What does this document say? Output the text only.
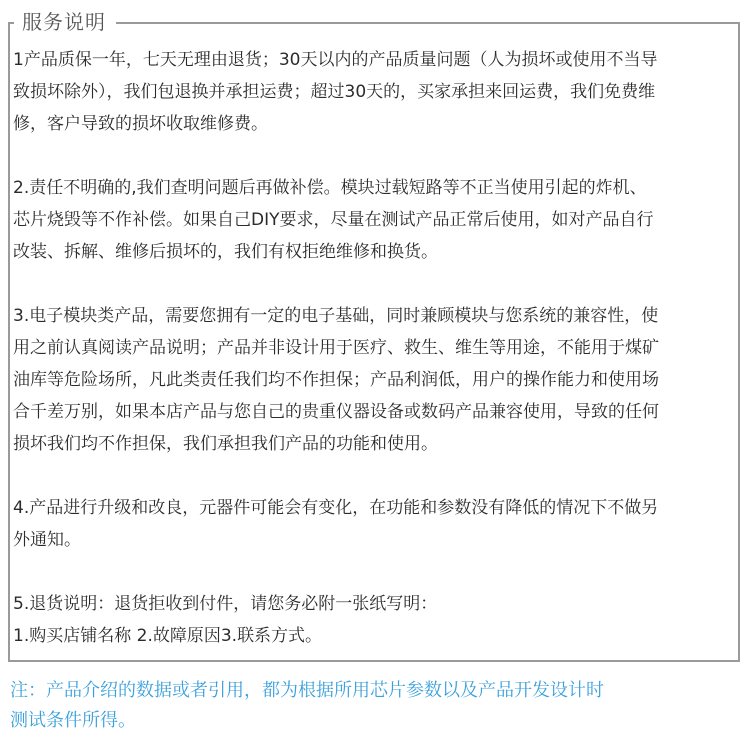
服务说明

1产品质保一年，七天无理由退货；30天以内的产品质量问题（人为损坏或使用不当导
致损坏除外），我们包退换并承担运费；超过30天的，买家承担来回运费，我们免费维
修，客户导致的损坏收取维修费。

2.责任不明确的,我们查明问题后再做补偿。模块过载短路等不正当使用引起的炸机、
芯片烧毁等不作补偿。如果自己DIY要求，尽量在测试产品正常后使用，如对产品自行
改装、拆解、维修后损坏的，我们有权拒绝维修和换货。

3.电子模块类产品，需要您拥有一定的电子基础，同时兼顾模块与您系统的兼容性，使
用之前认真阅读产品说明；产品并非设计用于医疗、救生、维生等用途，不能用于煤矿
油库等危险场所，凡此类责任我们均不作担保；产品利润低，用户的操作能力和使用场
合千差万别，如果本店产品与您自己的贵重仪器设备或数码产品兼容使用，导致的任何
损坏我们均不作担保，我们承担我们产品的功能和使用。

4.产品进行升级和改良，元器件可能会有变化，在功能和参数没有降低的情况下不做另
外通知。

5.退货说明：退货拒收到付件，请您务必附一张纸写明：
1.购买店铺名称 2.故障原因3.联系方式。

注：产品介绍的数据或者引用，都为根据所用芯片参数以及产品开发设计时
测试条件所得。
